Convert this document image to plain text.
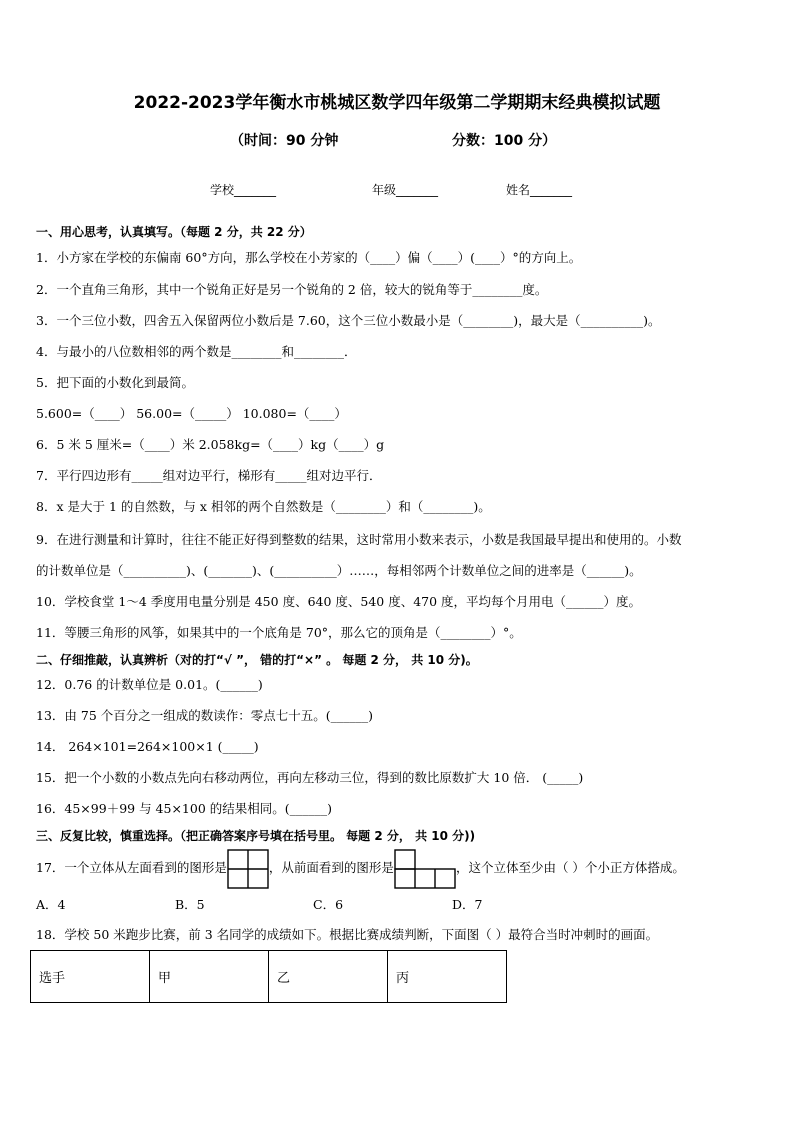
2022-2023学年衡水市桃城区数学四年级第二学期期末经典模拟试题
（时间：90 分钟	分数：100 分）
学校_______	年级_______	姓名_______
一、用心思考，认真填写。（每题 2 分，共 22 分）
1．小方家在学校的东偏南 60°方向，那么学校在小芳家的（____）偏（____）(____）°的方向上。
2．一个直角三角形，其中一个锐角正好是另一个锐角的 2 倍，较大的锐角等于________度。
3．一个三位小数，四舍五入保留两位小数后是 7.60，这个三位小数最小是（________)，最大是（__________)。
4．与最小的八位数相邻的两个数是________和________．
5．把下面的小数化到最简。
5.600=（____） 56.00=（_____） 10.080=（____）
6．5 米 5 厘米=（____）米 2.058kg=（____）kg（____）g
7．平行四边形有_____组对边平行，梯形有_____组对边平行．
8．x 是大于 1 的自然数，与 x 相邻的两个自然数是（________）和（________)。
9．在进行测量和计算时，往往不能正好得到整数的结果，这时常用小数来表示，小数是我国最早提出和使用的。小数
的计数单位是（__________)、(_______)、(__________）……，每相邻两个计数单位之间的进率是（______)。
10．学校食堂 1～4 季度用电量分别是 450 度、640 度、540 度、470 度，平均每个月用电（______）度。
11．等腰三角形的风筝，如果其中的一个底角是 70°，那么它的顶角是（________）°。
二、仔细推敲，认真辨析（对的打“√ ”， 错的打“×” 。 每题 2 分， 共 10 分)。
12．0.76 的计数单位是 0.01。(______)
13．由 75 个百分之一组成的数读作：零点七十五。(______)
14． 264×101=264×100×1 (_____)
15．把一个小数的小数点先向右移动两位，再向左移动三位，得到的数比原数扩大 10 倍． (_____)
16．45×99＋99 与 45×100 的结果相同。(______)
三、反复比较，慎重选择。（把正确答案序号填在括号里。 每题 2 分， 共 10 分))
17．一个立体从左面看到的图形是	，从前面看到的图形是	，这个立体至少由（ ）个小正方体搭成。
A．4	B．5	C．6	D．7
18．学校 50 米跑步比赛，前 3 名同学的成绩如下。根据比赛成绩判断，下面图（ ）最符合当时冲刺时的画面。
选手	甲	乙	丙
